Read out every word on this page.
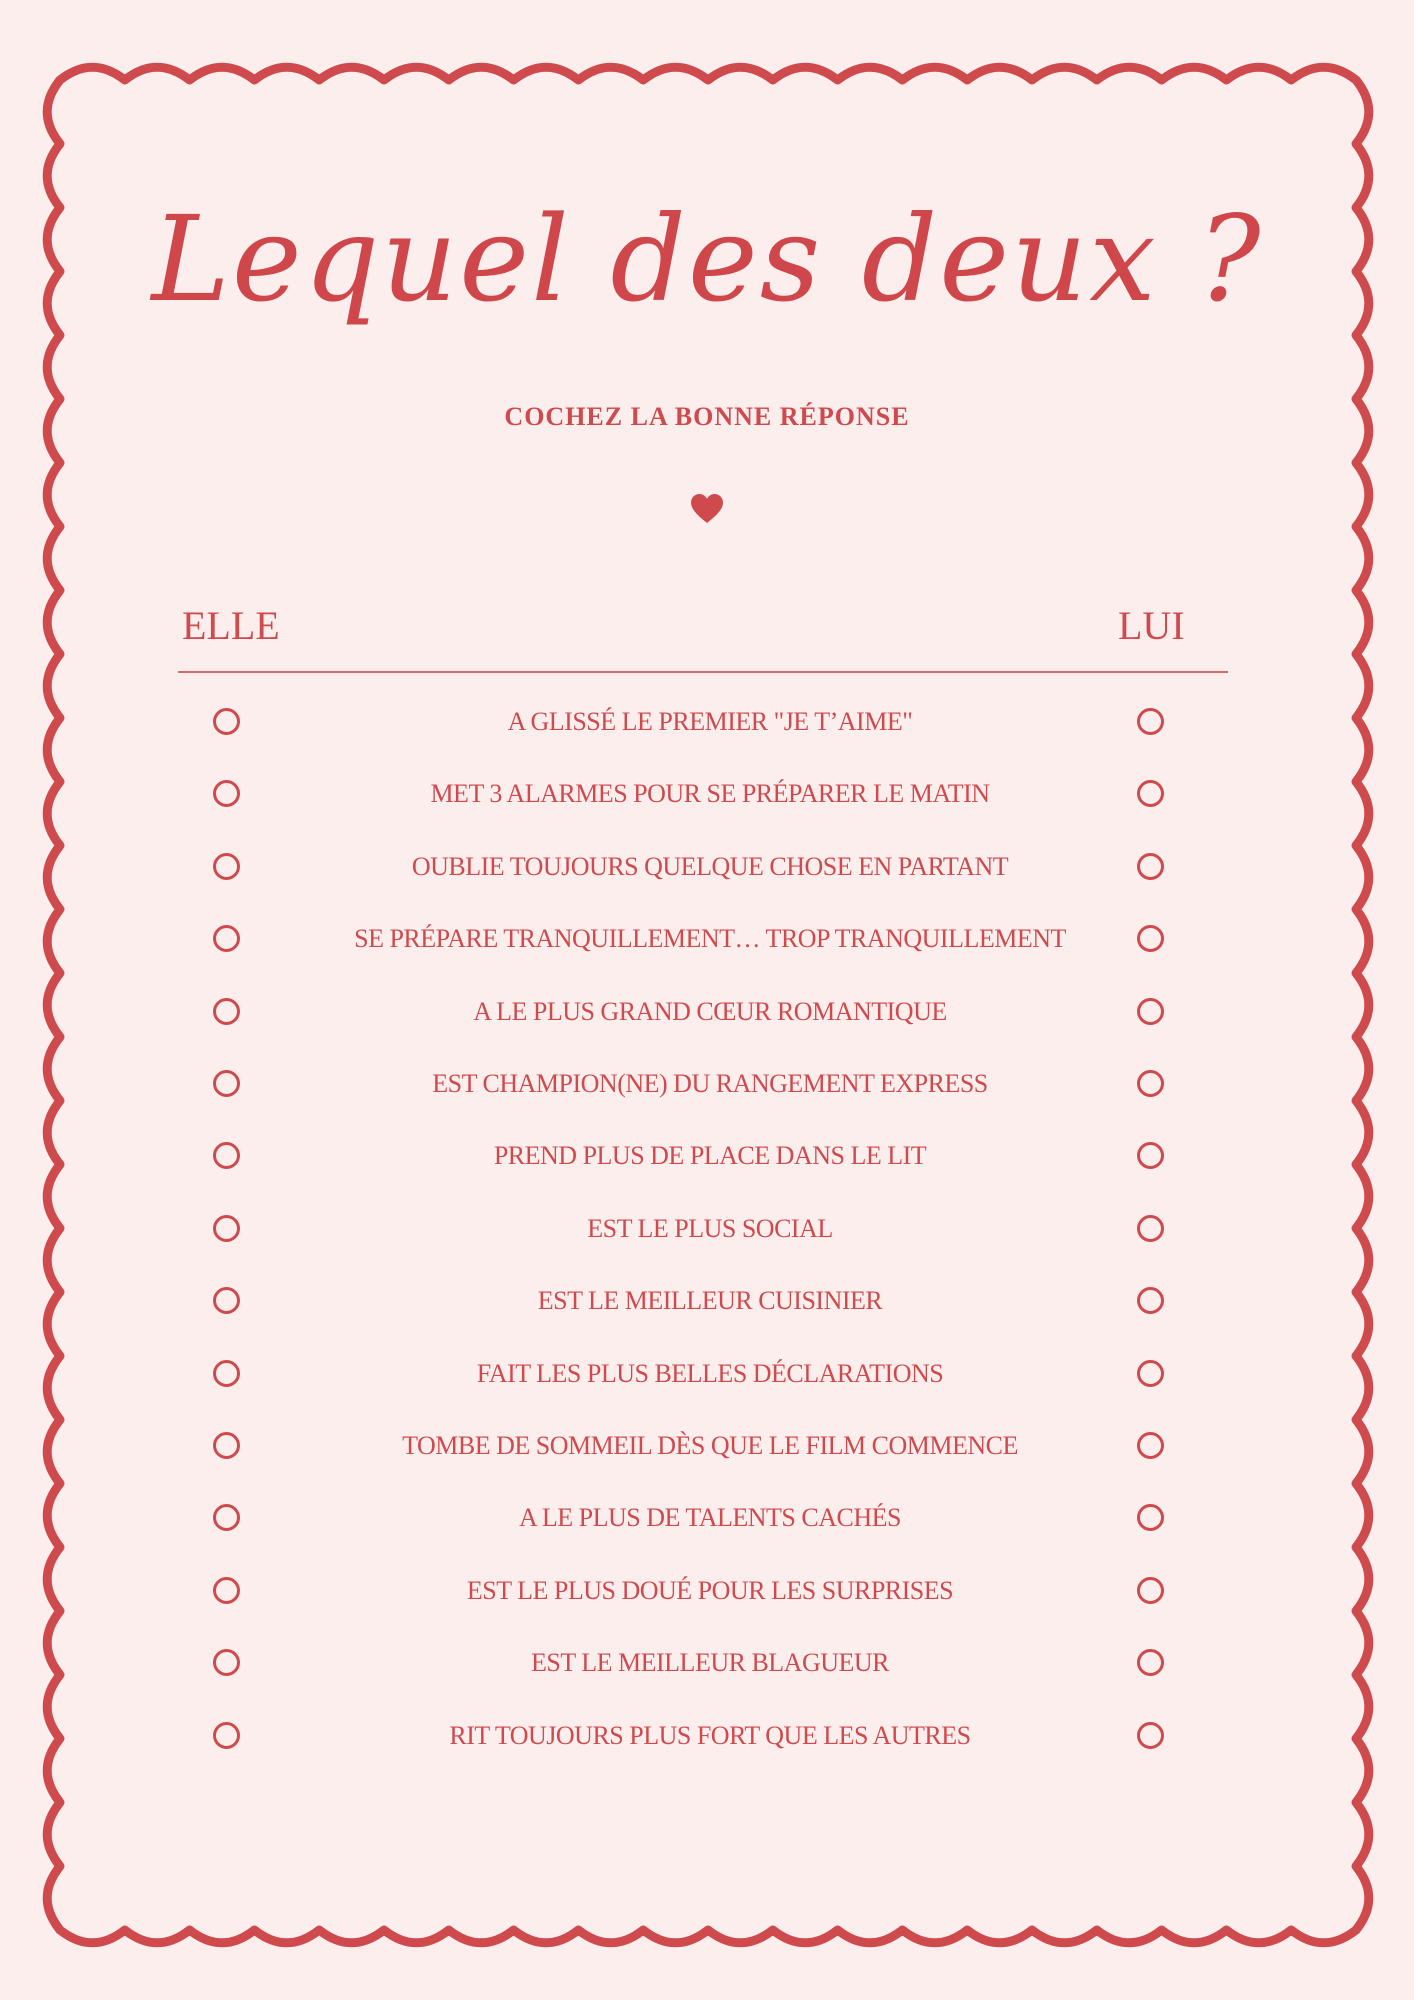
Lequel des deux ?
COCHEZ LA BONNE RÉPONSE
ELLE	LUI
A GLISSÉ LE PREMIER "JE T’AIME"
MET 3 ALARMES POUR SE PRÉPARER LE MATIN
OUBLIE TOUJOURS QUELQUE CHOSE EN PARTANT
SE PRÉPARE TRANQUILLEMENT… TROP TRANQUILLEMENT
A LE PLUS GRAND CŒUR ROMANTIQUE
EST CHAMPION(NE) DU RANGEMENT EXPRESS
PREND PLUS DE PLACE DANS LE LIT
EST LE PLUS SOCIAL
EST LE MEILLEUR CUISINIER
FAIT LES PLUS BELLES DÉCLARATIONS
TOMBE DE SOMMEIL DÈS QUE LE FILM COMMENCE
A LE PLUS DE TALENTS CACHÉS
EST LE PLUS DOUÉ POUR LES SURPRISES
EST LE MEILLEUR BLAGUEUR
RIT TOUJOURS PLUS FORT QUE LES AUTRES
